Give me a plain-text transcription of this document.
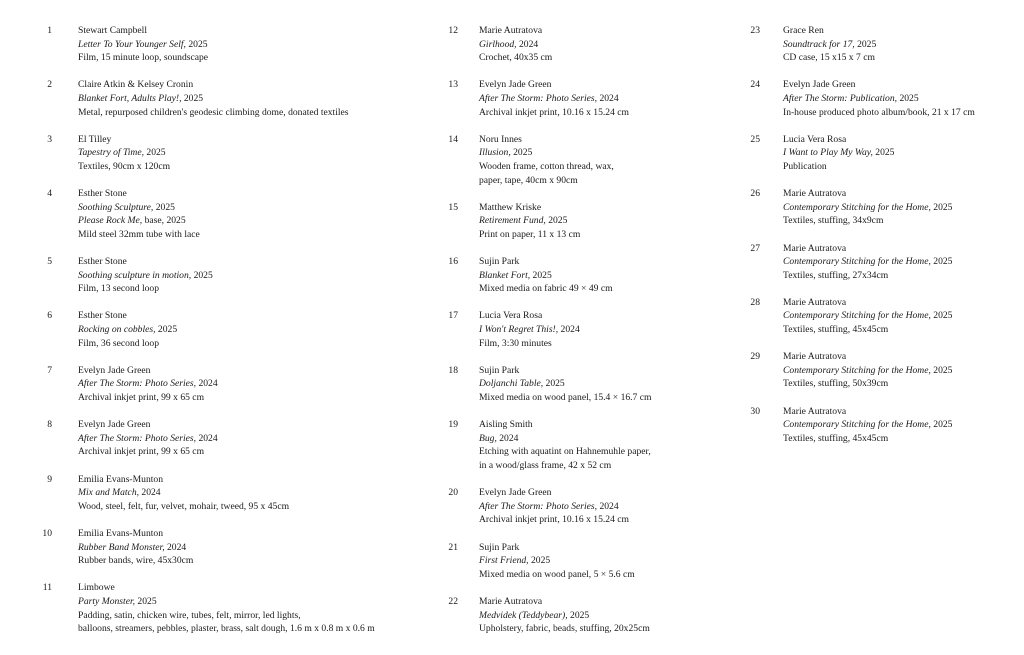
1	Stewart Campbell
Letter To Your Younger Self, 2025
Film, 15 minute loop, soundscape
2	Claire Atkin & Kelsey Cronin
Blanket Fort, Adults Play!, 2025
Metal, repurposed children's geodesic climbing dome, donated textiles
3	El Tilley
Tapestry of Time, 2025
Textiles, 90cm x 120cm
4	Esther Stone
Soothing Sculpture, 2025
Please Rock Me, base, 2025
Mild steel 32mm tube with lace
5	Esther Stone
Soothing sculpture in motion, 2025
Film, 13 second loop
6	Esther Stone
Rocking on cobbles, 2025
Film, 36 second loop
7	Evelyn Jade Green
After The Storm: Photo Series, 2024
Archival inkjet print, 99 x 65 cm
8	Evelyn Jade Green
After The Storm: Photo Series, 2024
Archival inkjet print, 99 x 65 cm
9	Emilia Evans-Munton
Mix and Match, 2024
Wood, steel, felt, fur, velvet, mohair, tweed, 95 x 45cm
10	Emilia Evans-Munton
Rubber Band Monster, 2024
Rubber bands, wire, 45x30cm
11	Limbowe
Party Monster, 2025
Padding, satin, chicken wire, tubes, felt, mirror, led lights,
balloons, streamers, pebbles, plaster, brass, salt dough, 1.6 m x 0.8 m x 0.6 m
12 Marie Autratova
Girlhood, 2024
Crochet, 40x35 cm
13 Evelyn Jade Green
After The Storm: Photo Series, 2024
Archival inkjet print, 10.16 x 15.24 cm
14 Noru Innes
Illusion, 2025
Wooden frame, cotton thread, wax,
paper, tape, 40cm x 90cm
15 Matthew Kriske
Retirement Fund, 2025
Print on paper, 11 x 13 cm
16 Sujin Park
Blanket Fort, 2025
Mixed media on fabric 49 × 49 cm
17 Lucia Vera Rosa
I Won't Regret This!, 2024
Film, 3:30 minutes
18 Sujin Park
Doljanchi Table, 2025
Mixed media on wood panel, 15.4 × 16.7 cm
19 Aisling Smith
Bug, 2024
Etching with aquatint on Hahnemuhle paper,
in a wood/glass frame, 42 x 52 cm
20 Evelyn Jade Green
After The Storm: Photo Series, 2024
Archival inkjet print, 10.16 x 15.24 cm
21 Sujin Park
First Friend, 2025
Mixed media on wood panel, 5 × 5.6 cm
22 Marie Autratova
Medvidek (Teddybear), 2025
Upholstery, fabric, beads, stuffing, 20x25cm
23 Grace Ren
Soundtrack for 17, 2025
CD case, 15 x15 x 7 cm
24 Evelyn Jade Green
After The Storm: Publication, 2025
In-house produced photo album/book, 21 x 17 cm
25 Lucia Vera Rosa
I Want to Play My Way, 2025
Publication
26 Marie Autratova
Contemporary Stitching for the Home, 2025
Textiles, stuffing, 34x9cm
27 Marie Autratova
Contemporary Stitching for the Home, 2025
Textiles, stuffing, 27x34cm
28 Marie Autratova
Contemporary Stitching for the Home, 2025
Textiles, stuffing, 45x45cm
29 Marie Autratova
Contemporary Stitching for the Home, 2025
Textiles, stuffing, 50x39cm
30 Marie Autratova
Contemporary Stitching for the Home, 2025
Textiles, stuffing, 45x45cm
